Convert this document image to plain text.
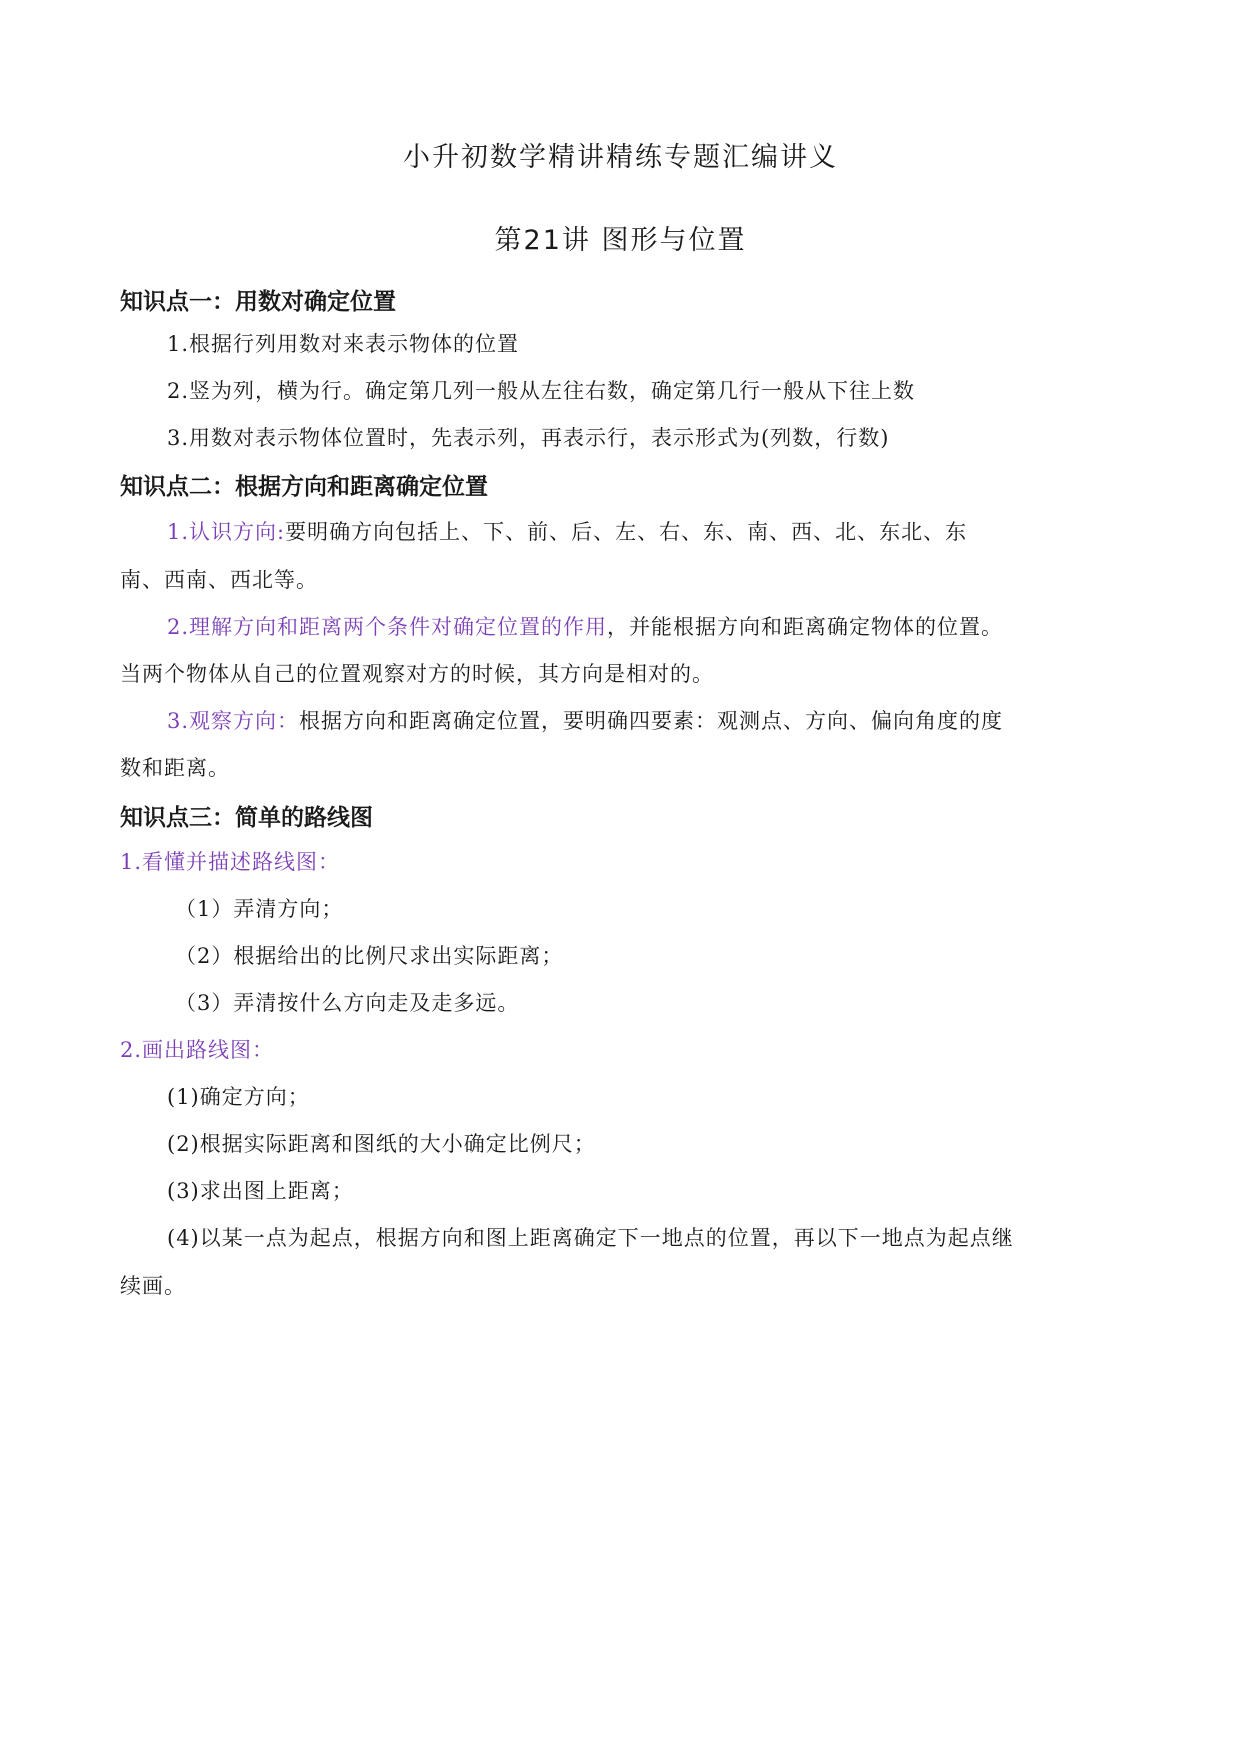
小升初数学精讲精练专题汇编讲义
第21讲 图形与位置
知识点一：用数对确定位置
1.根据行列用数对来表示物体的位置
2.竖为列，横为行。确定第几列一般从左往右数，确定第几行一般从下往上数
3.用数对表示物体位置时，先表示列，再表示行，表示形式为(列数，行数)
知识点二：根据方向和距离确定位置
1.认识方向:要明确方向包括上、下、前、后、左、右、东、南、西、北、东北、东
南、西南、西北等。
2.理解方向和距离两个条件对确定位置的作用，并能根据方向和距离确定物体的位置。
当两个物体从自己的位置观察对方的时候，其方向是相对的。
3.观察方向：根据方向和距离确定位置，要明确四要素：观测点、方向、偏向角度的度
数和距离。
知识点三：简单的路线图
1.看懂并描述路线图：
（1）弄清方向；
（2）根据给出的比例尺求出实际距离；
（3）弄清按什么方向走及走多远。
2.画出路线图：
(1)确定方向；
(2)根据实际距离和图纸的大小确定比例尺；
(3)求出图上距离；
(4)以某一点为起点，根据方向和图上距离确定下一地点的位置，再以下一地点为起点继
续画。
